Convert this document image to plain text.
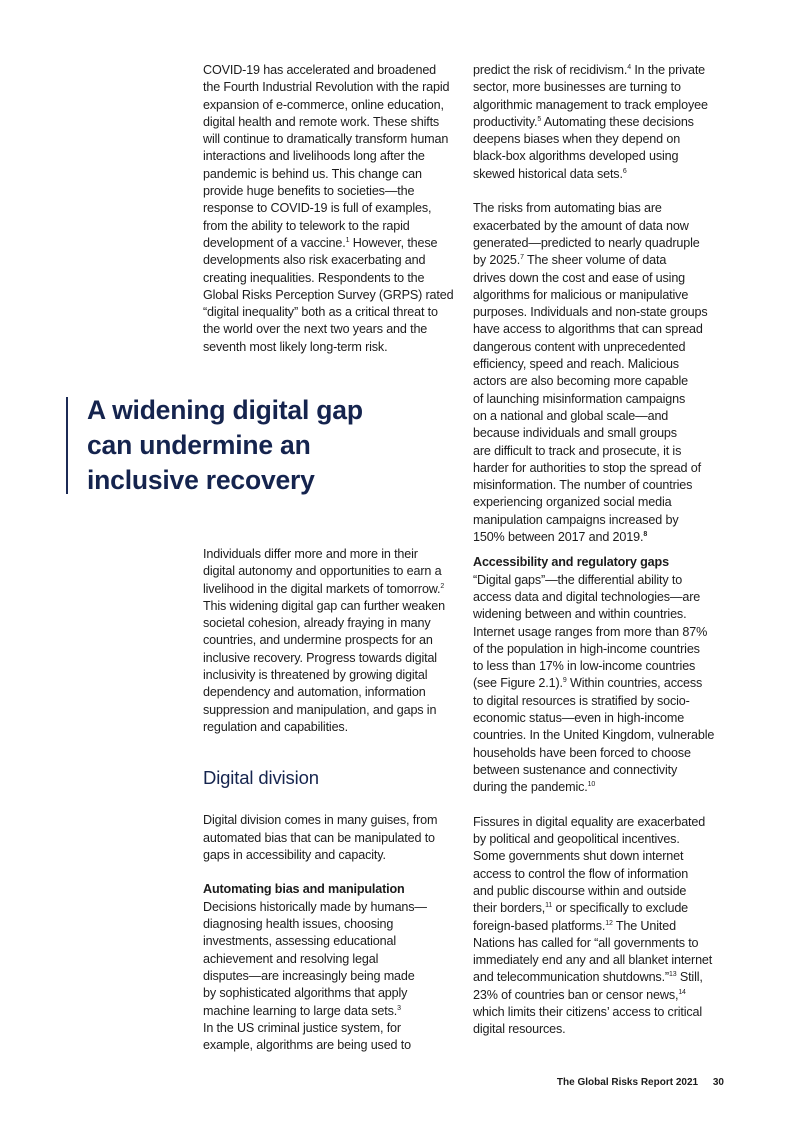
COVID-19 has accelerated and broadened
the Fourth Industrial Revolution with the rapid
expansion of e-commerce, online education,
digital health and remote work. These shifts
will continue to dramatically transform human
interactions and livelihoods long after the
pandemic is behind us. This change can
provide huge benefits to societies—the
response to COVID-19 is full of examples,
from the ability to telework to the rapid
development of a vaccine.$^1$ However, these
developments also risk exacerbating and
creating inequalities. Respondents to the
Global Risks Perception Survey (GRPS) rated
“digital inequality” both as a critical threat to
the world over the next two years and the
seventh most likely long-term risk.
A widening digital gap
can undermine an
inclusive recovery
Individuals differ more and more in their
digital autonomy and opportunities to earn a
livelihood in the digital markets of tomorrow.$^2$
This widening digital gap can further weaken
societal cohesion, already fraying in many
countries, and undermine prospects for an
inclusive recovery. Progress towards digital
inclusivity is threatened by growing digital
dependency and automation, information
suppression and manipulation, and gaps in
regulation and capabilities.
Digital division
Digital division comes in many guises, from
automated bias that can be manipulated to
gaps in accessibility and capacity.
Automating bias and manipulation
Decisions historically made by humans—
diagnosing health issues, choosing
investments, assessing educational
achievement and resolving legal
disputes—are increasingly being made
by sophisticated algorithms that apply
machine learning to large data sets.$^3$
In the US criminal justice system, for
example, algorithms are being used to
predict the risk of recidivism.$^4$ In the private
sector, more businesses are turning to
algorithmic management to track employee
productivity.$^5$ Automating these decisions
deepens biases when they depend on
black-box algorithms developed using
skewed historical data sets.$^6$
The risks from automating bias are
exacerbated by the amount of data now
generated—predicted to nearly quadruple
by 2025.$^7$ The sheer volume of data
drives down the cost and ease of using
algorithms for malicious or manipulative
purposes. Individuals and non-state groups
have access to algorithms that can spread
dangerous content with unprecedented
efficiency, speed and reach. Malicious
actors are also becoming more capable
of launching misinformation campaigns
on a national and global scale—and
because individuals and small groups
are difficult to track and prosecute, it is
harder for authorities to stop the spread of
misinformation. The number of countries
experiencing organized social media
manipulation campaigns increased by
150% between 2017 and 2019.$^8$
Accessibility and regulatory gaps
“Digital gaps”—the differential ability to
access data and digital technologies—are
widening between and within countries.
Internet usage ranges from more than 87%
of the population in high-income countries
to less than 17% in low-income countries
(see Figure 2.1).$^9$ Within countries, access
to digital resources is stratified by socio-
economic status—even in high-income
countries. In the United Kingdom, vulnerable
households have been forced to choose
between sustenance and connectivity
during the pandemic.$^{10}$
Fissures in digital equality are exacerbated
by political and geopolitical incentives.
Some governments shut down internet
access to control the flow of information
and public discourse within and outside
their borders,$^{11}$ or specifically to exclude
foreign-based platforms.$^{12}$ The United
Nations has called for “all governments to
immediately end any and all blanket internet
and telecommunication shutdowns.”$^{13}$ Still,
23% of countries ban or censor news,$^{14}$
which limits their citizens’ access to critical
digital resources.
The Global Risks Report 2021 30
